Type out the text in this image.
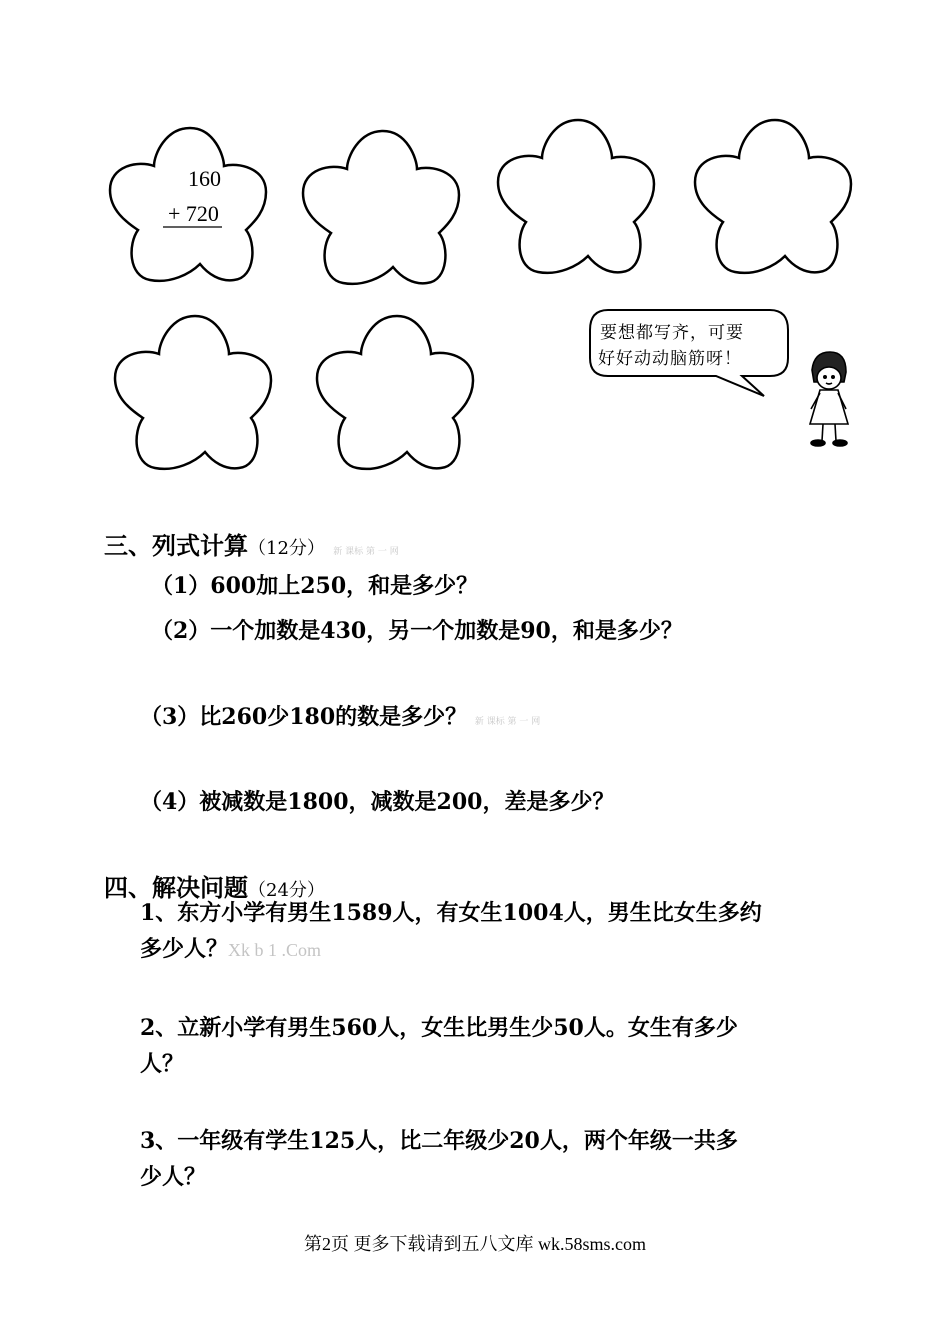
160
+ 720
要想都写齐，可要
好好动动脑筋呀！
三、列式计算（12分） 新 课标 第 一 网
（1）600加上250，和是多少？
（2）一个加数是430，另一个加数是90，和是多少？
（3）比260少180的数是多少？ 新 课标 第 一 网
（4）被减数是1800，减数是200，差是多少？
四、解决问题（24分）
1、东方小学有男生1589人，有女生1004人，男生比女生多约
多少人？Xk b 1 .Com
2、立新小学有男生560人，女生比男生少50人。女生有多少
人？
3、一年级有学生125人，比二年级少20人，两个年级一共多
少人？
第2页 更多下载请到五八文库 wk.58sms.com
